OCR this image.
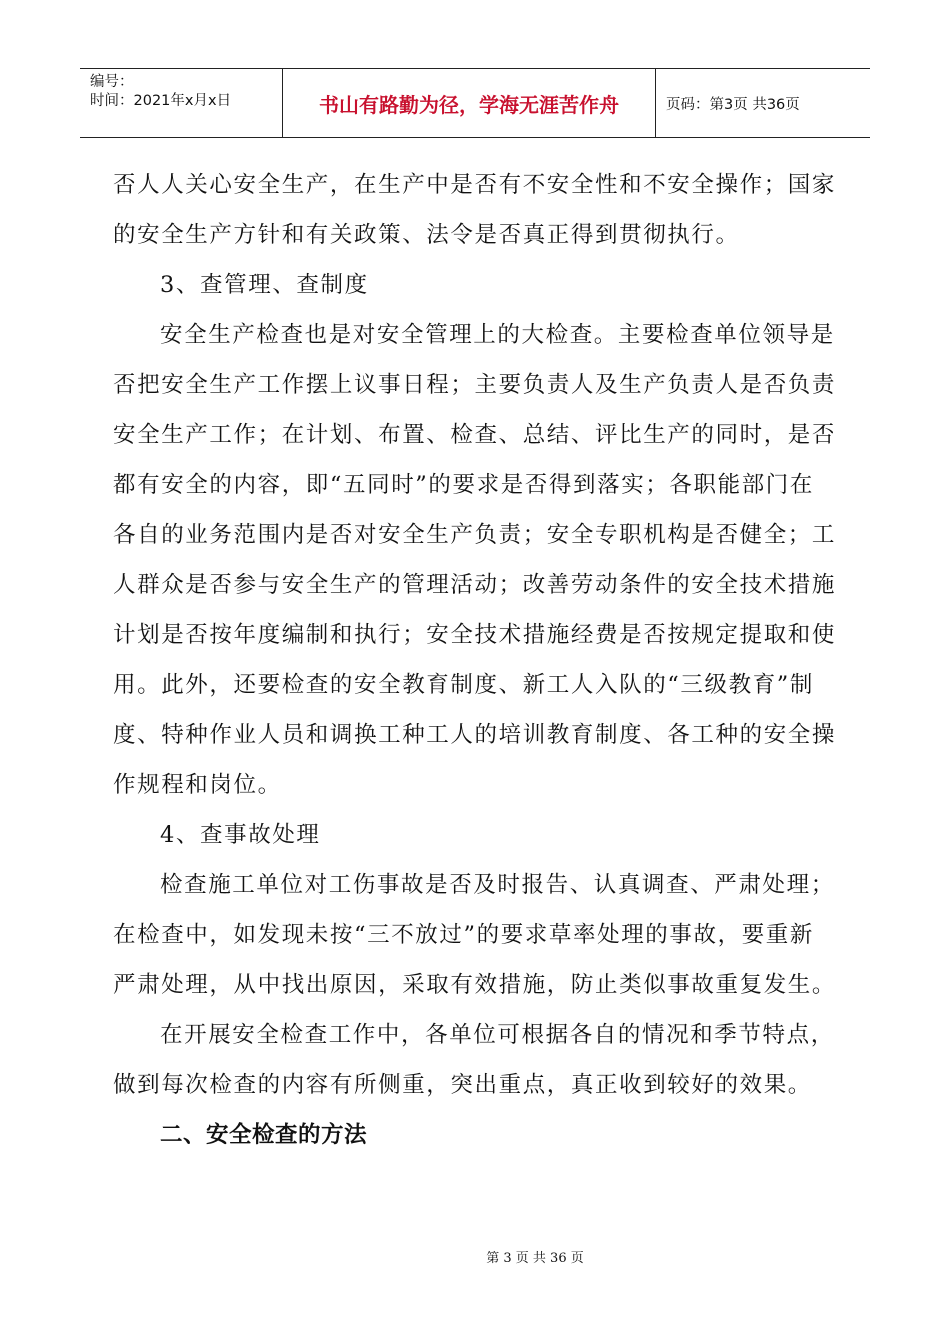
编号：
时间：2021年x月x日	书山有路勤为径，学海无涯苦作舟	页码：第3页 共36页
否人人关心安全生产，在生产中是否有不安全性和不安全操作；国家
的安全生产方针和有关政策、法令是否真正得到贯彻执行。
3、查管理、查制度
安全生产检查也是对安全管理上的大检查。主要检查单位领导是
否把安全生产工作摆上议事日程；主要负责人及生产负责人是否负责
安全生产工作；在计划、布置、检查、总结、评比生产的同时，是否
都有安全的内容，即“五同时”的要求是否得到落实；各职能部门在
各自的业务范围内是否对安全生产负责；安全专职机构是否健全；工
人群众是否参与安全生产的管理活动；改善劳动条件的安全技术措施
计划是否按年度编制和执行；安全技术措施经费是否按规定提取和使
用。此外，还要检查的安全教育制度、新工人入队的“三级教育”制
度、特种作业人员和调换工种工人的培训教育制度、各工种的安全操
作规程和岗位。
4、查事故处理
检查施工单位对工伤事故是否及时报告、认真调查、严肃处理；
在检查中，如发现未按“三不放过”的要求草率处理的事故，要重新
严肃处理，从中找出原因，采取有效措施，防止类似事故重复发生。
在开展安全检查工作中，各单位可根据各自的情况和季节特点，
做到每次检查的内容有所侧重，突出重点，真正收到较好的效果。
二、安全检查的方法
第 3 页 共 36 页
